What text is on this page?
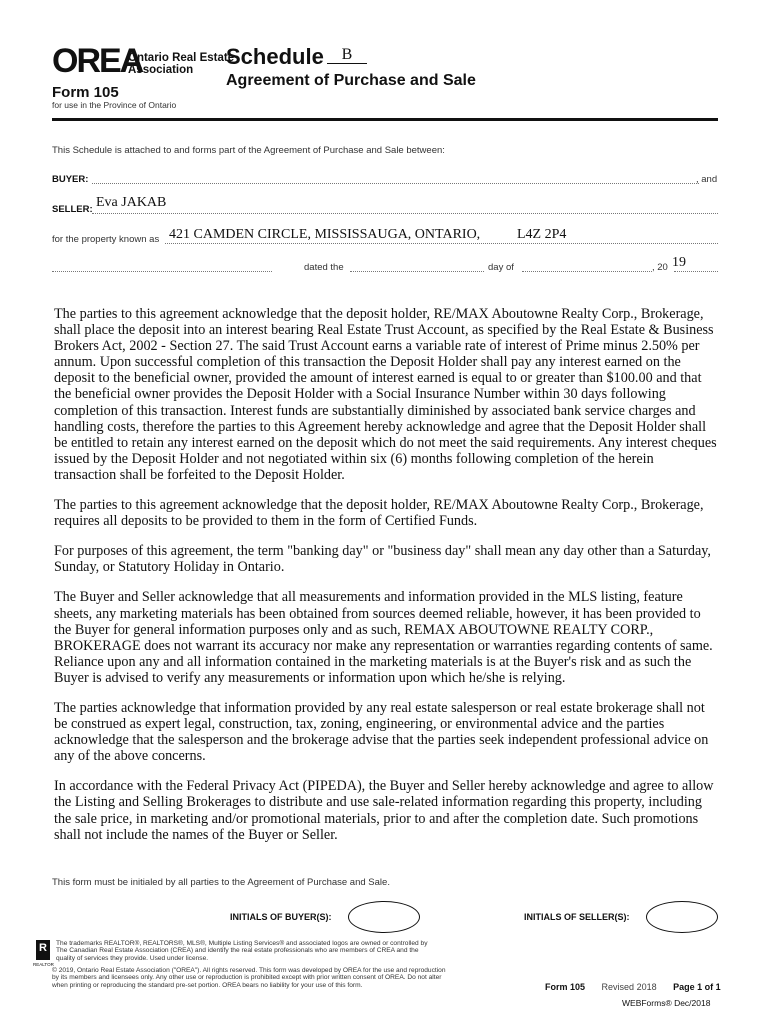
OREA
Ontario Real Estate
Association
Form 105
for use in the Province of Ontario
Schedule	B
Agreement of Purchase and Sale
This Schedule is attached to and forms part of the Agreement of Purchase and Sale between:
BUYER:	, and
SELLER: Eva JAKAB
for the property known as 421 CAMDEN CIRCLE, MISSISSAUGA, ONTARIO,	L4Z 2P4
dated the	day of	, 20 19

The parties to this agreement acknowledge that the deposit holder, RE/MAX Aboutowne Realty Corp., Brokerage, shall place the deposit into an interest bearing Real Estate Trust Account, as specified by the Real Estate & Business Brokers Act, 2002 - Section 27. The said Trust Account earns a variable rate of interest of Prime minus 2.50% per annum. Upon successful completion of this transaction the Deposit Holder shall pay any interest earned on the deposit to the beneficial owner, provided the amount of interest earned is equal to or greater than $100.00 and that the beneficial owner provides the Deposit Holder with a Social Insurance Number within 30 days following completion of this transaction. Interest funds are substantially diminished by associated bank service charges and handling costs, therefore the parties to this Agreement hereby acknowledge and agree that the Deposit Holder shall be entitled to retain any interest earned on the deposit which do not meet the said requirements. Any interest cheques issued by the Deposit Holder and not negotiated within six (6) months following completion of the herein transaction shall be forfeited to the Deposit Holder.

The parties to this agreement acknowledge that the deposit holder, RE/MAX Aboutowne Realty Corp., Brokerage, requires all deposits to be provided to them in the form of Certified Funds.

For purposes of this agreement, the term "banking day" or "business day" shall mean any day other than a Saturday, Sunday, or Statutory Holiday in Ontario.

The Buyer and Seller acknowledge that all measurements and information provided in the MLS listing, feature sheets, any marketing materials has been obtained from sources deemed reliable, however, it has been provided to the Buyer for general information purposes only and as such, REMAX ABOUTOWNE REALTY CORP., BROKERAGE does not warrant its accuracy nor make any representation or warranties regarding contents of same. Reliance upon any and all information contained in the marketing materials is at the Buyer's risk and as such the Buyer is advised to verify any measurements or information upon which he/she is relying.

The parties acknowledge that information provided by any real estate salesperson or real estate brokerage shall not be construed as expert legal, construction, tax, zoning, engineering, or environmental advice and the parties acknowledge that the salesperson and the brokerage advise that the parties seek independent professional advice on any of the above concerns.

In accordance with the Federal Privacy Act (PIPEDA), the Buyer and Seller hereby acknowledge and agree to allow the Listing and Selling Brokerages to distribute and use sale-related information regarding this property, including the sale price, in marketing and/or promotional materials, prior to and after the completion date. Such promotions shall not include the names of the Buyer or Seller.

This form must be initialed by all parties to the Agreement of Purchase and Sale.
INITIALS OF BUYER(S):	INITIALS OF SELLER(S):
R
REALTOR
The trademarks REALTOR®, REALTORS®, MLS®, Multiple Listing Services® and associated logos are owned or controlled by
The Canadian Real Estate Association (CREA) and identify the real estate professionals who are members of CREA and the
quality of services they provide. Used under license.
© 2019, Ontario Real Estate Association ("OREA"). All rights reserved. This form was developed by OREA for the use and reproduction
by its members and licensees only. Any other use or reproduction is prohibited except with prior written consent of OREA. Do not alter
when printing or reproducing the standard pre-set portion. OREA bears no liability for your use of this form.	Form 105 Revised 2018 Page 1 of 1
WEBForms® Dec/2018
